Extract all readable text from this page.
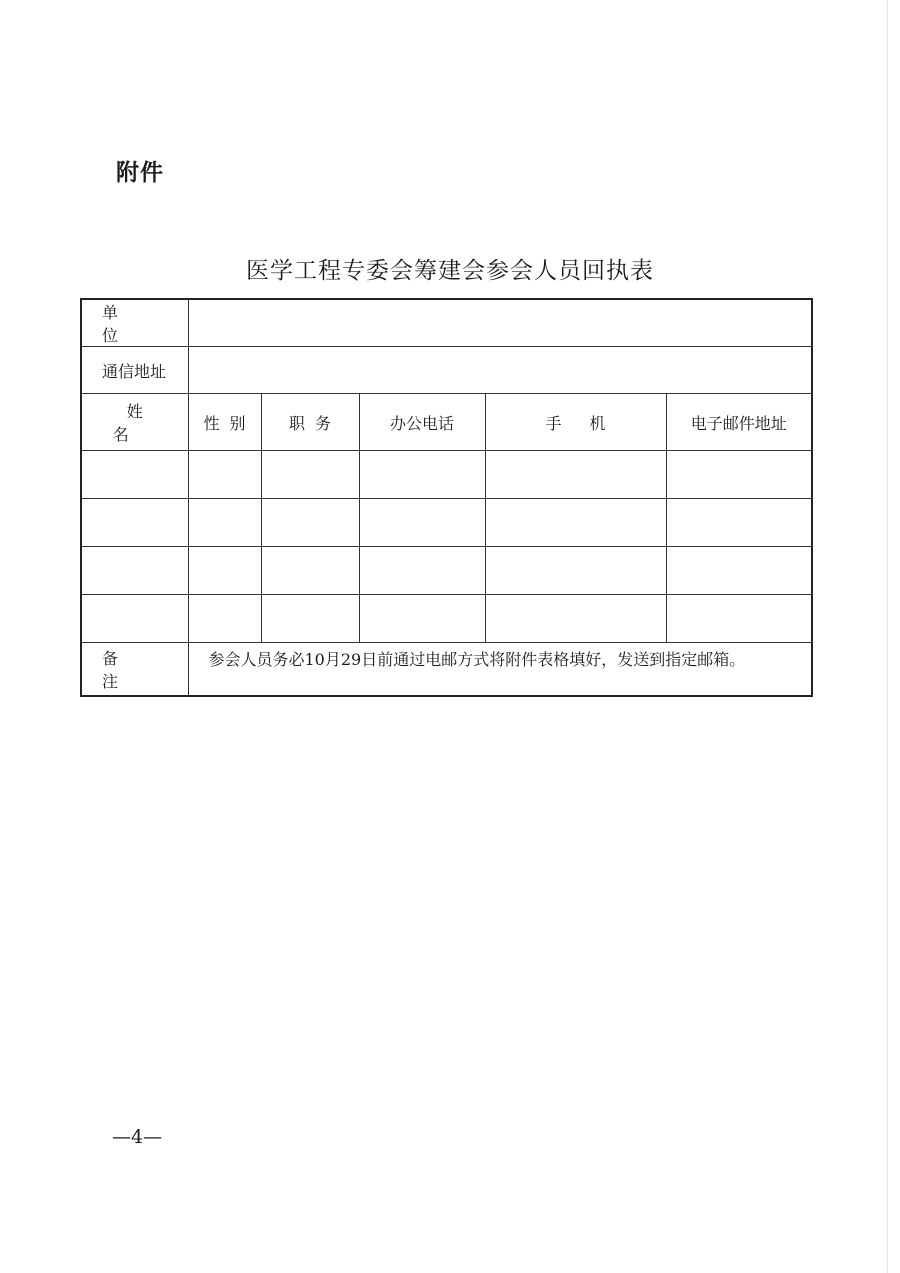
附件
医学工程专委会筹建会参会人员回执表
单位					
通信地址					
姓名	性别	职务	办公电话	手机	电子邮件地址

备注	参会人员务必10月29日前通过电邮方式将附件表格填好，发送到指定邮箱。				
—4—
